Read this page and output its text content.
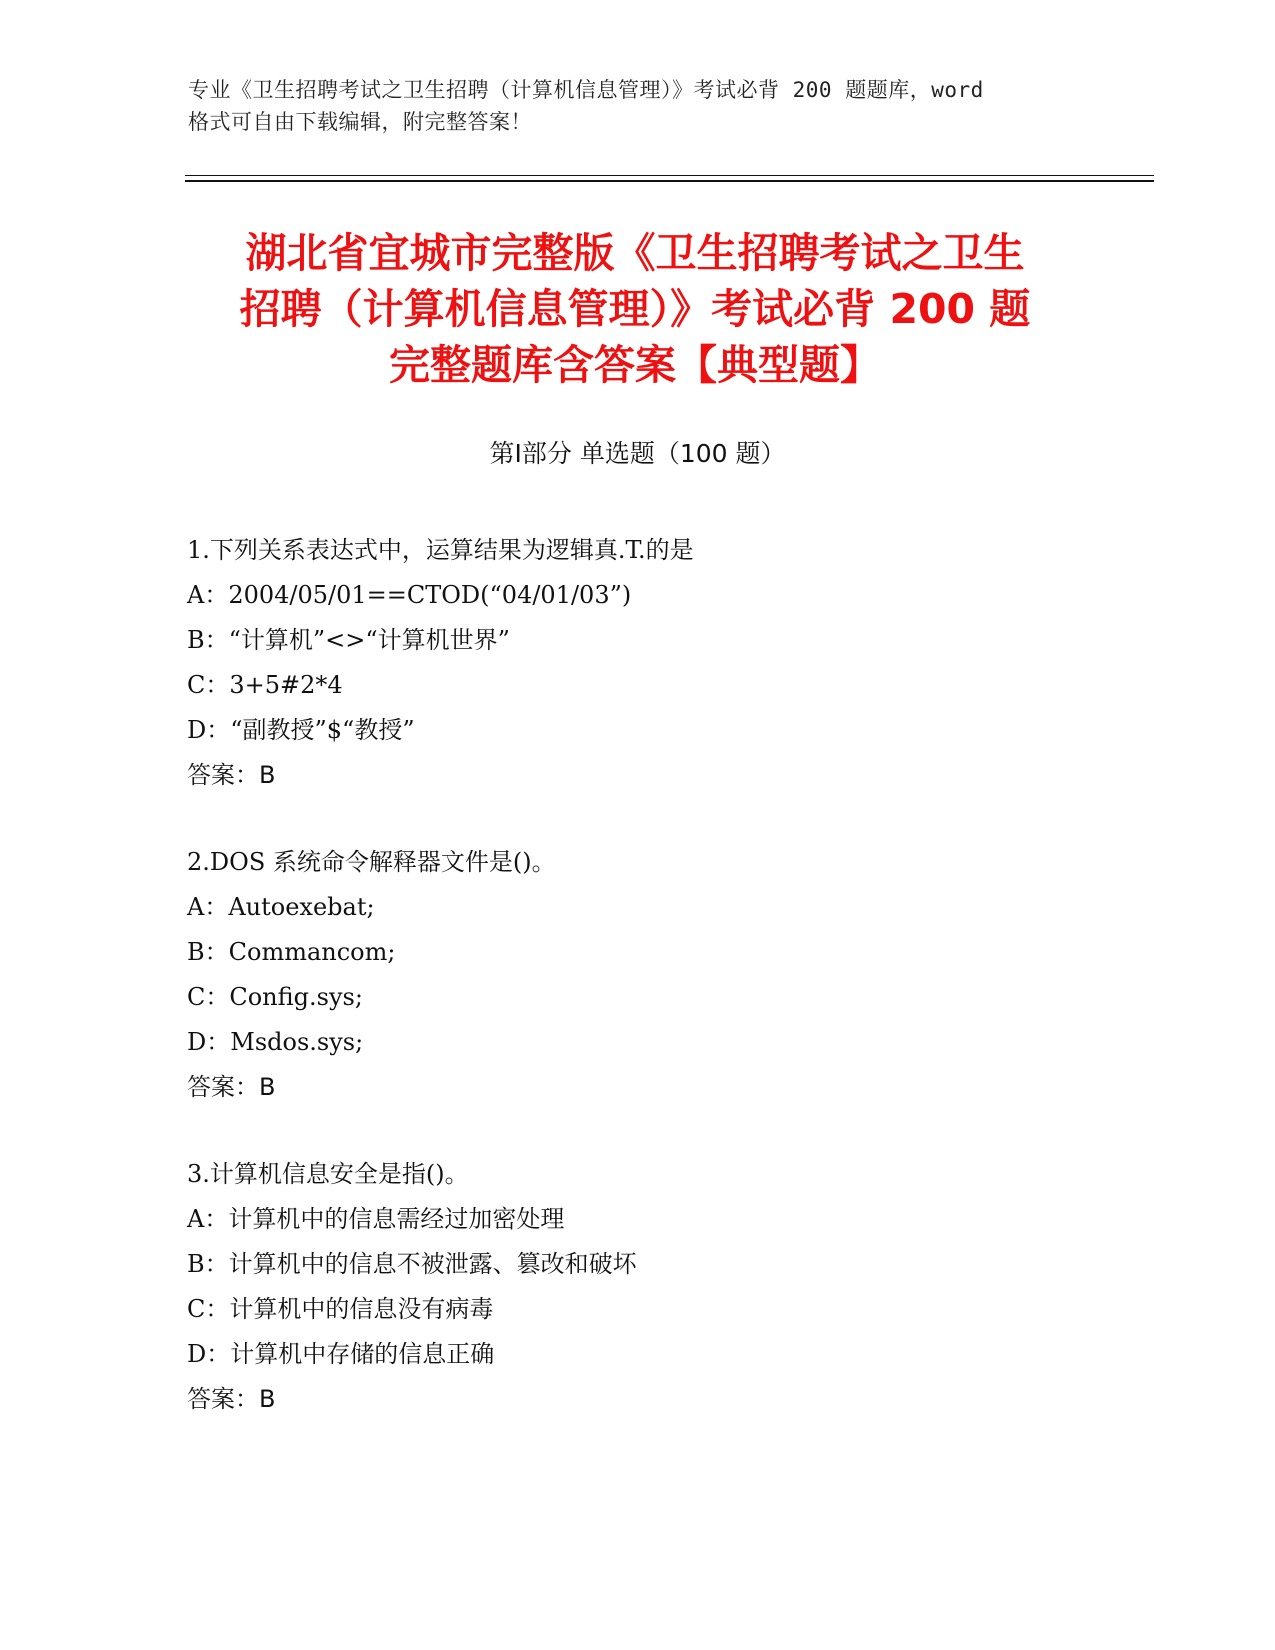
专业《卫生招聘考试之卫生招聘（计算机信息管理）》考试必背 200 题题库，word
格式可自由下载编辑，附完整答案！
湖北省宜城市完整版《卫生招聘考试之卫生
招聘（计算机信息管理）》考试必背 200 题
完整题库含答案【典型题】
第Ⅰ部分 单选题（100 题）
1.下列关系表达式中，运算结果为逻辑真.T.的是
A：2004/05/01==CTOD(“04/01/03”)
B：“计算机”<>“计算机世界”
C：3+5#2*4
D：“副教授”$“教授”
答案：B
2.DOS 系统命令解释器文件是()。
A：Autoexebat;
B：Commancom;
C：Config.sys;
D：Msdos.sys;
答案：B
3.计算机信息安全是指()。
A：计算机中的信息需经过加密处理
B：计算机中的信息不被泄露、篡改和破坏
C：计算机中的信息没有病毒
D：计算机中存储的信息正确
答案：B
